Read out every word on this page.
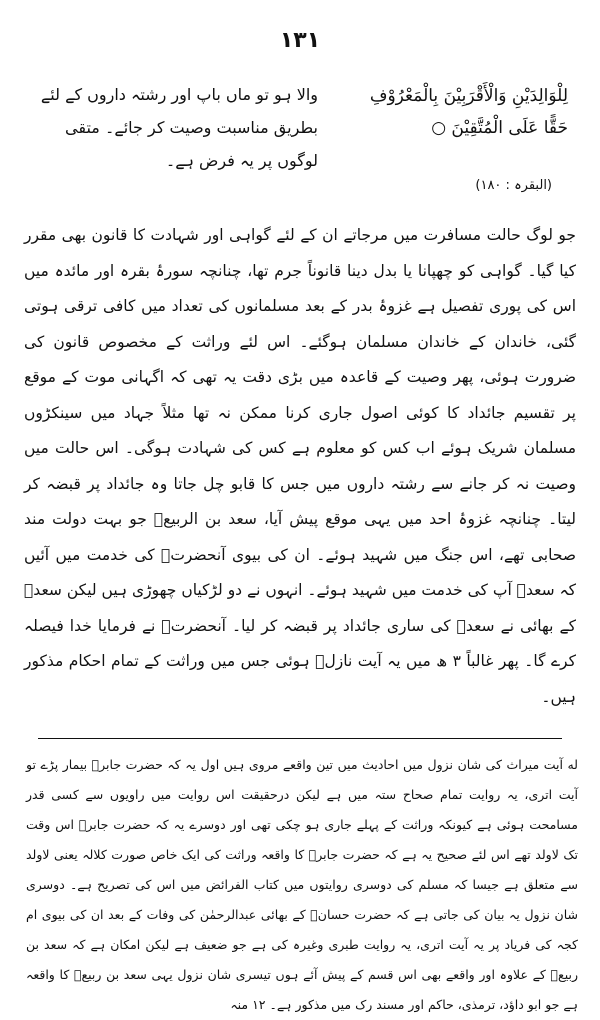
۱۳۱
لِلْوَالِدَيْنِ وَالْأَقْرَبِيْنَ بِالْمَعْرُوْفِ
حَقًّا عَلَى الْمُتَّقِيْنَ ○
والا ہو تو ماں باپ اور رشتہ داروں کے لئے بطریق مناسبت وصیت کر جائے۔ متقی لوگوں پر یہ فرض ہے۔
(البقرہ : ۱۸۰)

جو لوگ حالت مسافرت میں مرجاتے ان کے لئے گواہی اور شہادت کا قانون بھی مقرر کیا گیا۔ گواہی کو چھپانا یا بدل دینا قانوناً جرم تھا، چنانچہ سورۂ بقرہ اور مائدہ میں اس کی پوری تفصیل ہے غزوۂ بدر کے بعد مسلمانوں کی تعداد میں کافی ترقی ہوتی گئی، خاندان کے خاندان مسلمان ہوگئے۔ اس لئے وراثت کے مخصوص قانون کی ضرورت ہوئی، پھر وصیت کے قاعدہ میں بڑی دقت یہ تھی کہ اگہانی موت کے موقع پر تقسیم جائداد کا کوئی اصول جاری کرنا ممکن نہ تھا مثلاً جہاد میں سینکڑوں مسلمان شریک ہوئے اب کس کو معلوم ہے کس کی شہادت ہوگی۔ اس حالت میں وصیت نہ کر جانے سے رشتہ داروں میں جس کا قابو چل جاتا وہ جائداد پر قبضہ کر لیتا۔ چنانچہ غزوۂ احد میں یہی موقع پیش آیا، سعد بن الربیعؓ جو بہت دولت مند صحابی تھے، اس جنگ میں شہید ہوئے۔ ان کی بیوی آنحضرتؐ کی خدمت میں آئیں کہ سعدؓ آپ کی خدمت میں شہید ہوئے۔ انہوں نے دو لڑکیاں چھوڑی ہیں لیکن سعدؓ کے بھائی نے سعدؓ کی ساری جائداد پر قبضہ کر لیا۔ آنحضرتؐ نے فرمایا خدا فیصلہ کرے گا۔ پھر غالباً ۳ ھ میں یہ آیت نازلؑ ہوئی جس میں وراثت کے تمام احکام مذکور ہیں۔

له آیت میراث کی شان نزول میں احادیث میں تین واقعے مروی ہیں اول یہ کہ حضرت جابرؓ بیمار پڑے تو آیت اتری، یہ روایت تمام صحاح ستہ میں ہے لیکن درحقیقت اس روایت میں راویوں سے کسی قدر مسامحت ہوئی ہے کیونکہ وراثت کے پہلے جاری ہو چکی تھی اور دوسرے یہ کہ حضرت جابرؓ اس وقت تک لاولد تھے اس لئے صحیح یہ ہے کہ حضرت جابرؓ کا واقعہ وراثت کی ایک خاص صورت کلالہ یعنی لاولد سے متعلق ہے جیسا کہ مسلم کی دوسری روایتوں میں کتاب الفرائض میں اس کی تصریح ہے۔ دوسری شان نزول یہ بیان کی جاتی ہے کہ حضرت حسانؓ کے بھائی عبدالرحمٰن کی وفات کے بعد ان کی بیوی ام کجہ کی فریاد پر یہ آیت اتری، یہ روایت طبری وغیرہ کی ہے جو ضعیف ہے لیکن امکان ہے کہ سعد بن ربیعؓ کے علاوہ اور واقعے بھی اس قسم کے پیش آئے ہوں تیسری شان نزول یہی سعد بن ربیعؓ کا واقعہ ہے جو ابو داؤد، ترمذی، حاکم اور مسند رک میں مذکور ہے۔ ۱۲ منہ
